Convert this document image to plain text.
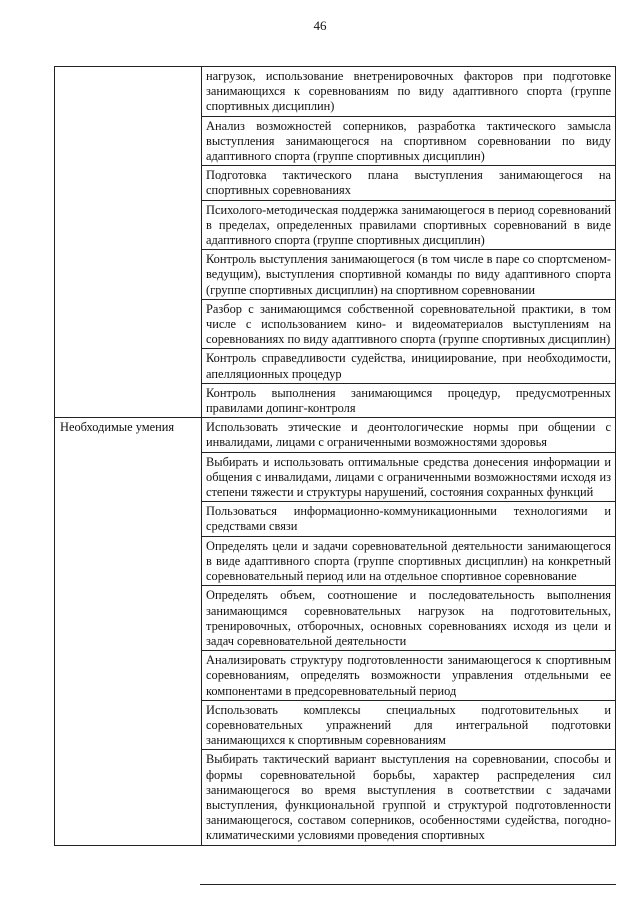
46
	нагрузок, использование внетренировочных факторов при подготовке занимающихся к соревнованиям по виду адаптивного спорта (группе спортивных дисциплин)
	Анализ возможностей соперников, разработка тактического замысла выступления занимающегося на спортивном соревновании по виду адаптивного спорта (группе спортивных дисциплин)
	Подготовка тактического плана выступления занимающегося на спортивных соревнованиях
	Психолого-методическая поддержка занимающегося в период соревнований в пределах, определенных правилами спортивных соревнований в виде адаптивного спорта (группе спортивных дисциплин)
	Контроль выступления занимающегося (в том числе в паре со спортсменом-ведущим), выступления спортивной команды по виду адаптивного спорта (группе спортивных дисциплин) на спортивном соревновании
	Разбор с занимающимся собственной соревновательной практики, в том числе с использованием кино- и видеоматериалов выступлениям на соревнованиях по виду адаптивного спорта (группе спортивных дисциплин)
	Контроль справедливости судейства, инициирование, при необходимости, апелляционных процедур
	Контроль выполнения занимающимся процедур, предусмотренных правилами допинг-контроля
Необходимые умения	Использовать этические и деонтологические нормы при общении с инвалидами, лицами с ограниченными возможностями здоровья
	Выбирать и использовать оптимальные средства донесения информации и общения с инвалидами, лицами с ограниченными возможностями исходя из степени тяжести и структуры нарушений, состояния сохранных функций
	Пользоваться информационно-коммуникационными технологиями и средствами связи
	Определять цели и задачи соревновательной деятельности занимающегося в виде адаптивного спорта (группе спортивных дисциплин) на конкретный соревновательный период или на отдельное спортивное соревнование
	Определять объем, соотношение и последовательность выполнения занимающимся соревновательных нагрузок на подготовительных, тренировочных, отборочных, основных соревнованиях исходя из цели и задач соревновательной деятельности
	Анализировать структуру подготовленности занимающегося к спортивным соревнованиям, определять возможности управления отдельными ее компонентами в предсоревновательный период
	Использовать комплексы специальных подготовительных и соревновательных упражнений для интегральной подготовки занимающихся к спортивным соревнованиям
	Выбирать тактический вариант выступления на соревновании, способы и формы соревновательной борьбы, характер распределения сил занимающегося во время выступления в соответствии с задачами выступления, функциональной группой и структурой подготовленности занимающегося, составом соперников, особенностями судейства, погодно-климатическими условиями проведения спортивных
